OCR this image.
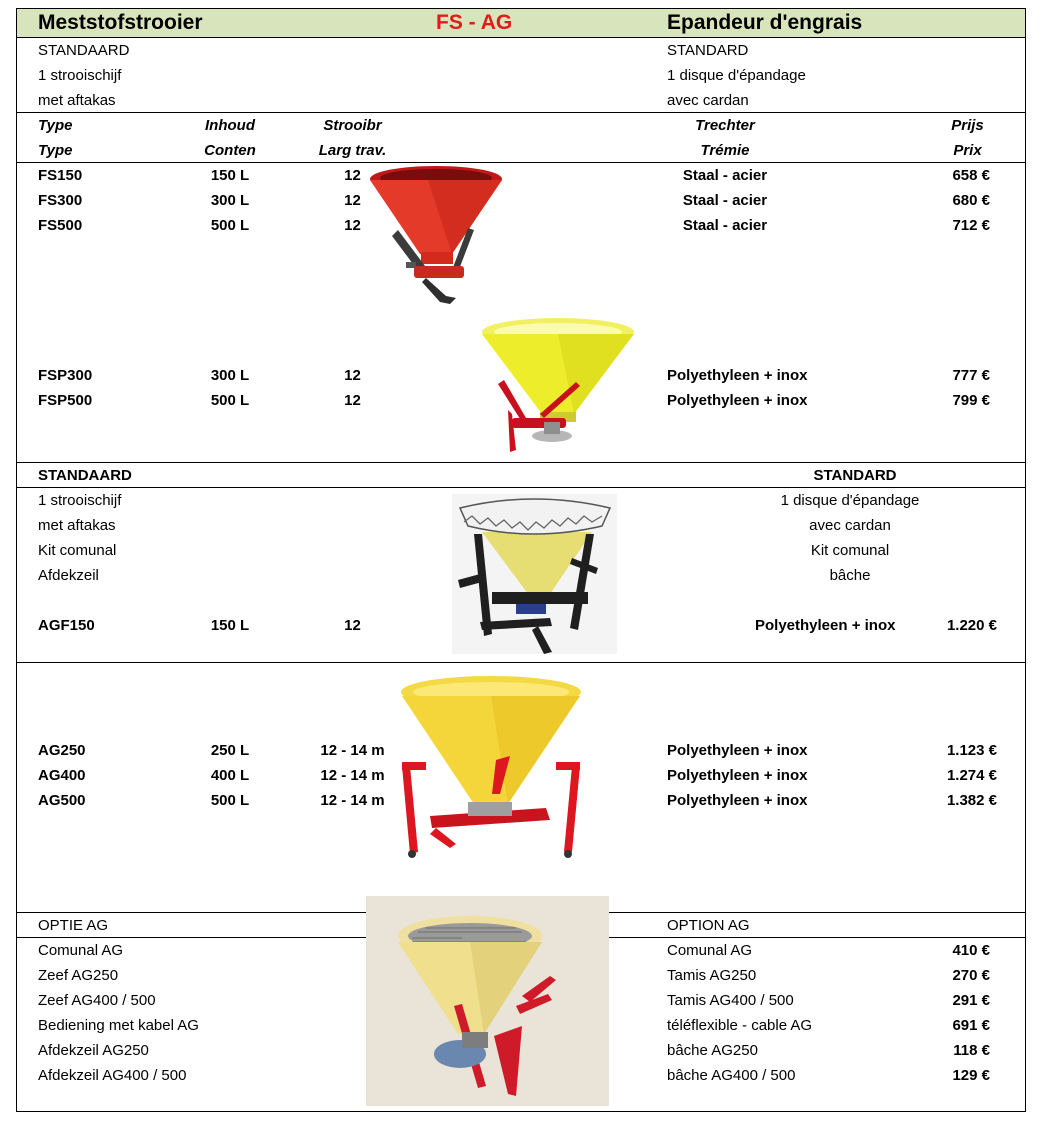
Meststofstrooier	FS - AG	Epandeur d'engrais
STANDAARD
1 strooischijf
met aftakas
STANDARD
1 disque d'épandage
avec cardan
Type	Inhoud	Strooibr	Trechter	Prijs
Type	Conten	Larg trav.	Trémie	Prix
FS150	150 L	12	Staal - acier	658 €
FS300	300 L	12	Staal - acier	680 €
FS500	500 L	12	Staal - acier	712 €
FSP300	300 L	12	Polyethyleen + inox	777 €
FSP500	500 L	12	Polyethyleen + inox	799 €
STANDAARD	STANDARD
1 strooischijf
met aftakas
Kit comunal
Afdekzeil
1 disque d'épandage
avec cardan
Kit comunal
bâche
AGF150	150 L	12	Polyethyleen + inox	1.220 €
AG250	250 L	12 - 14 m	Polyethyleen + inox	1.123 €
AG400	400 L	12 - 14 m	Polyethyleen + inox	1.274 €
AG500	500 L	12 - 14 m	Polyethyleen + inox	1.382 €
OPTIE AG	OPTION AG
Comunal AG	Comunal AG	410 €
Zeef AG250	Tamis AG250	270 €
Zeef AG400 / 500	Tamis AG400 / 500	291 €
Bediening met kabel AG	téléflexible - cable AG	691 €
Afdekzeil AG250	bâche AG250	118 €
Afdekzeil AG400 / 500	bâche AG400 / 500	129 €
